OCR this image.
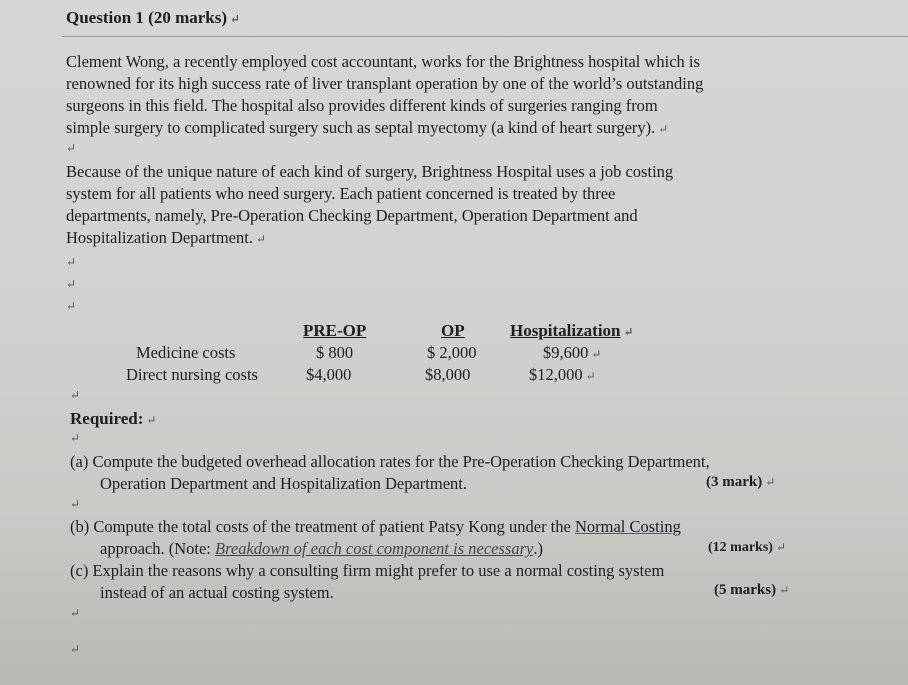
Question 1 (20 marks) ↵
Clement Wong, a recently employed cost accountant, works for the Brightness hospital which is
renowned for its high success rate of liver transplant operation by one of the world’s outstanding
surgeons in this field. The hospital also provides different kinds of surgeries ranging from
simple surgery to complicated surgery such as septal myectomy (a kind of heart surgery). ↵
↵
Because of the unique nature of each kind of surgery, Brightness Hospital uses a job costing
system for all patients who need surgery. Each patient concerned is treated by three
departments, namely, Pre-Operation Checking Department, Operation Department and
Hospitalization Department. ↵
↵
↵
↵
PRE-OP	OP	Hospitalization ↵
Medicine costs	$ 800	$ 2,000	$9,600 ↵
Direct nursing costs	$4,000	$8,000	$12,000 ↵
↵
Required: ↵
↵
(a) Compute the budgeted overhead allocation rates for the Pre-Operation Checking Department,
Operation Department and Hospitalization Department.	(3 mark) ↵
↵
(b) Compute the total costs of the treatment of patient Patsy Kong under the Normal Costing
approach. (Note: Breakdown of each cost component is necessary.)	(12 marks) ↵
(c) Explain the reasons why a consulting firm might prefer to use a normal costing system
instead of an actual costing system.	(5 marks) ↵
↵
↵
